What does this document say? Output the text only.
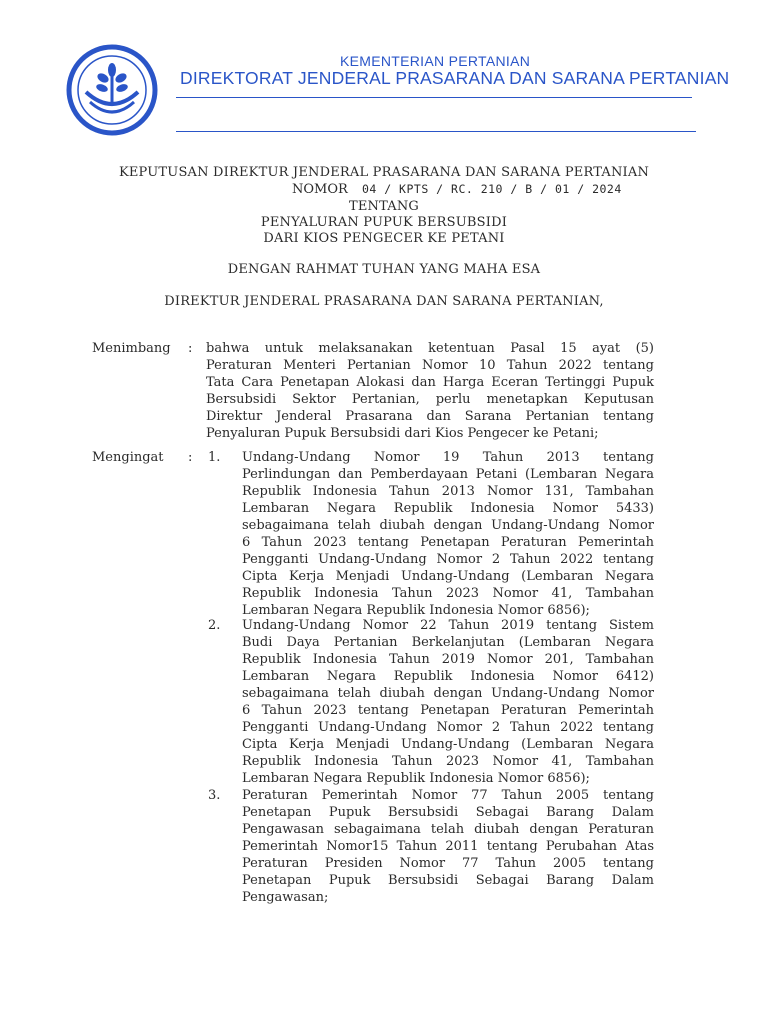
KEMENTERIAN PERTANIAN
DIREKTORAT JENDERAL PRASARANA DAN SARANA PERTANIAN
KEPUTUSAN DIREKTUR JENDERAL PRASARANA DAN SARANA PERTANIAN
NOMOR 04 / KPTS / RC. 210 / B / 01 / 2024
TENTANG
PENYALURAN PUPUK BERSUBSIDI
DARI KIOS PENGECER KE PETANI
DENGAN RAHMAT TUHAN YANG MAHA ESA
DIREKTUR JENDERAL PRASARANA DAN SARANA PERTANIAN,
Menimbang : bahwa untuk melaksanakan ketentuan Pasal 15 ayat (5)
Peraturan Menteri Pertanian Nomor 10 Tahun 2022 tentang
Tata Cara Penetapan Alokasi dan Harga Eceran Tertinggi Pupuk
Bersubsidi Sektor Pertanian, perlu menetapkan Keputusan
Direktur Jenderal Prasarana dan Sarana Pertanian tentang
Penyaluran Pupuk Bersubsidi dari Kios Pengecer ke Petani;
Mengingat : 1. Undang-Undang Nomor 19 Tahun 2013 tentang
Perlindungan dan Pemberdayaan Petani (Lembaran Negara
Republik Indonesia Tahun 2013 Nomor 131, Tambahan
Lembaran Negara Republik Indonesia Nomor 5433)
sebagaimana telah diubah dengan Undang-Undang Nomor
6 Tahun 2023 tentang Penetapan Peraturan Pemerintah
Pengganti Undang-Undang Nomor 2 Tahun 2022 tentang
Cipta Kerja Menjadi Undang-Undang (Lembaran Negara
Republik Indonesia Tahun 2023 Nomor 41, Tambahan
Lembaran Negara Republik Indonesia Nomor 6856);
2. Undang-Undang Nomor 22 Tahun 2019 tentang Sistem
Budi Daya Pertanian Berkelanjutan (Lembaran Negara
Republik Indonesia Tahun 2019 Nomor 201, Tambahan
Lembaran Negara Republik Indonesia Nomor 6412)
sebagaimana telah diubah dengan Undang-Undang Nomor
6 Tahun 2023 tentang Penetapan Peraturan Pemerintah
Pengganti Undang-Undang Nomor 2 Tahun 2022 tentang
Cipta Kerja Menjadi Undang-Undang (Lembaran Negara
Republik Indonesia Tahun 2023 Nomor 41, Tambahan
Lembaran Negara Republik Indonesia Nomor 6856);
3. Peraturan Pemerintah Nomor 77 Tahun 2005 tentang
Penetapan Pupuk Bersubsidi Sebagai Barang Dalam
Pengawasan sebagaimana telah diubah dengan Peraturan
Pemerintah Nomor15 Tahun 2011 tentang Perubahan Atas
Peraturan Presiden Nomor 77 Tahun 2005 tentang
Penetapan Pupuk Bersubsidi Sebagai Barang Dalam
Pengawasan;
